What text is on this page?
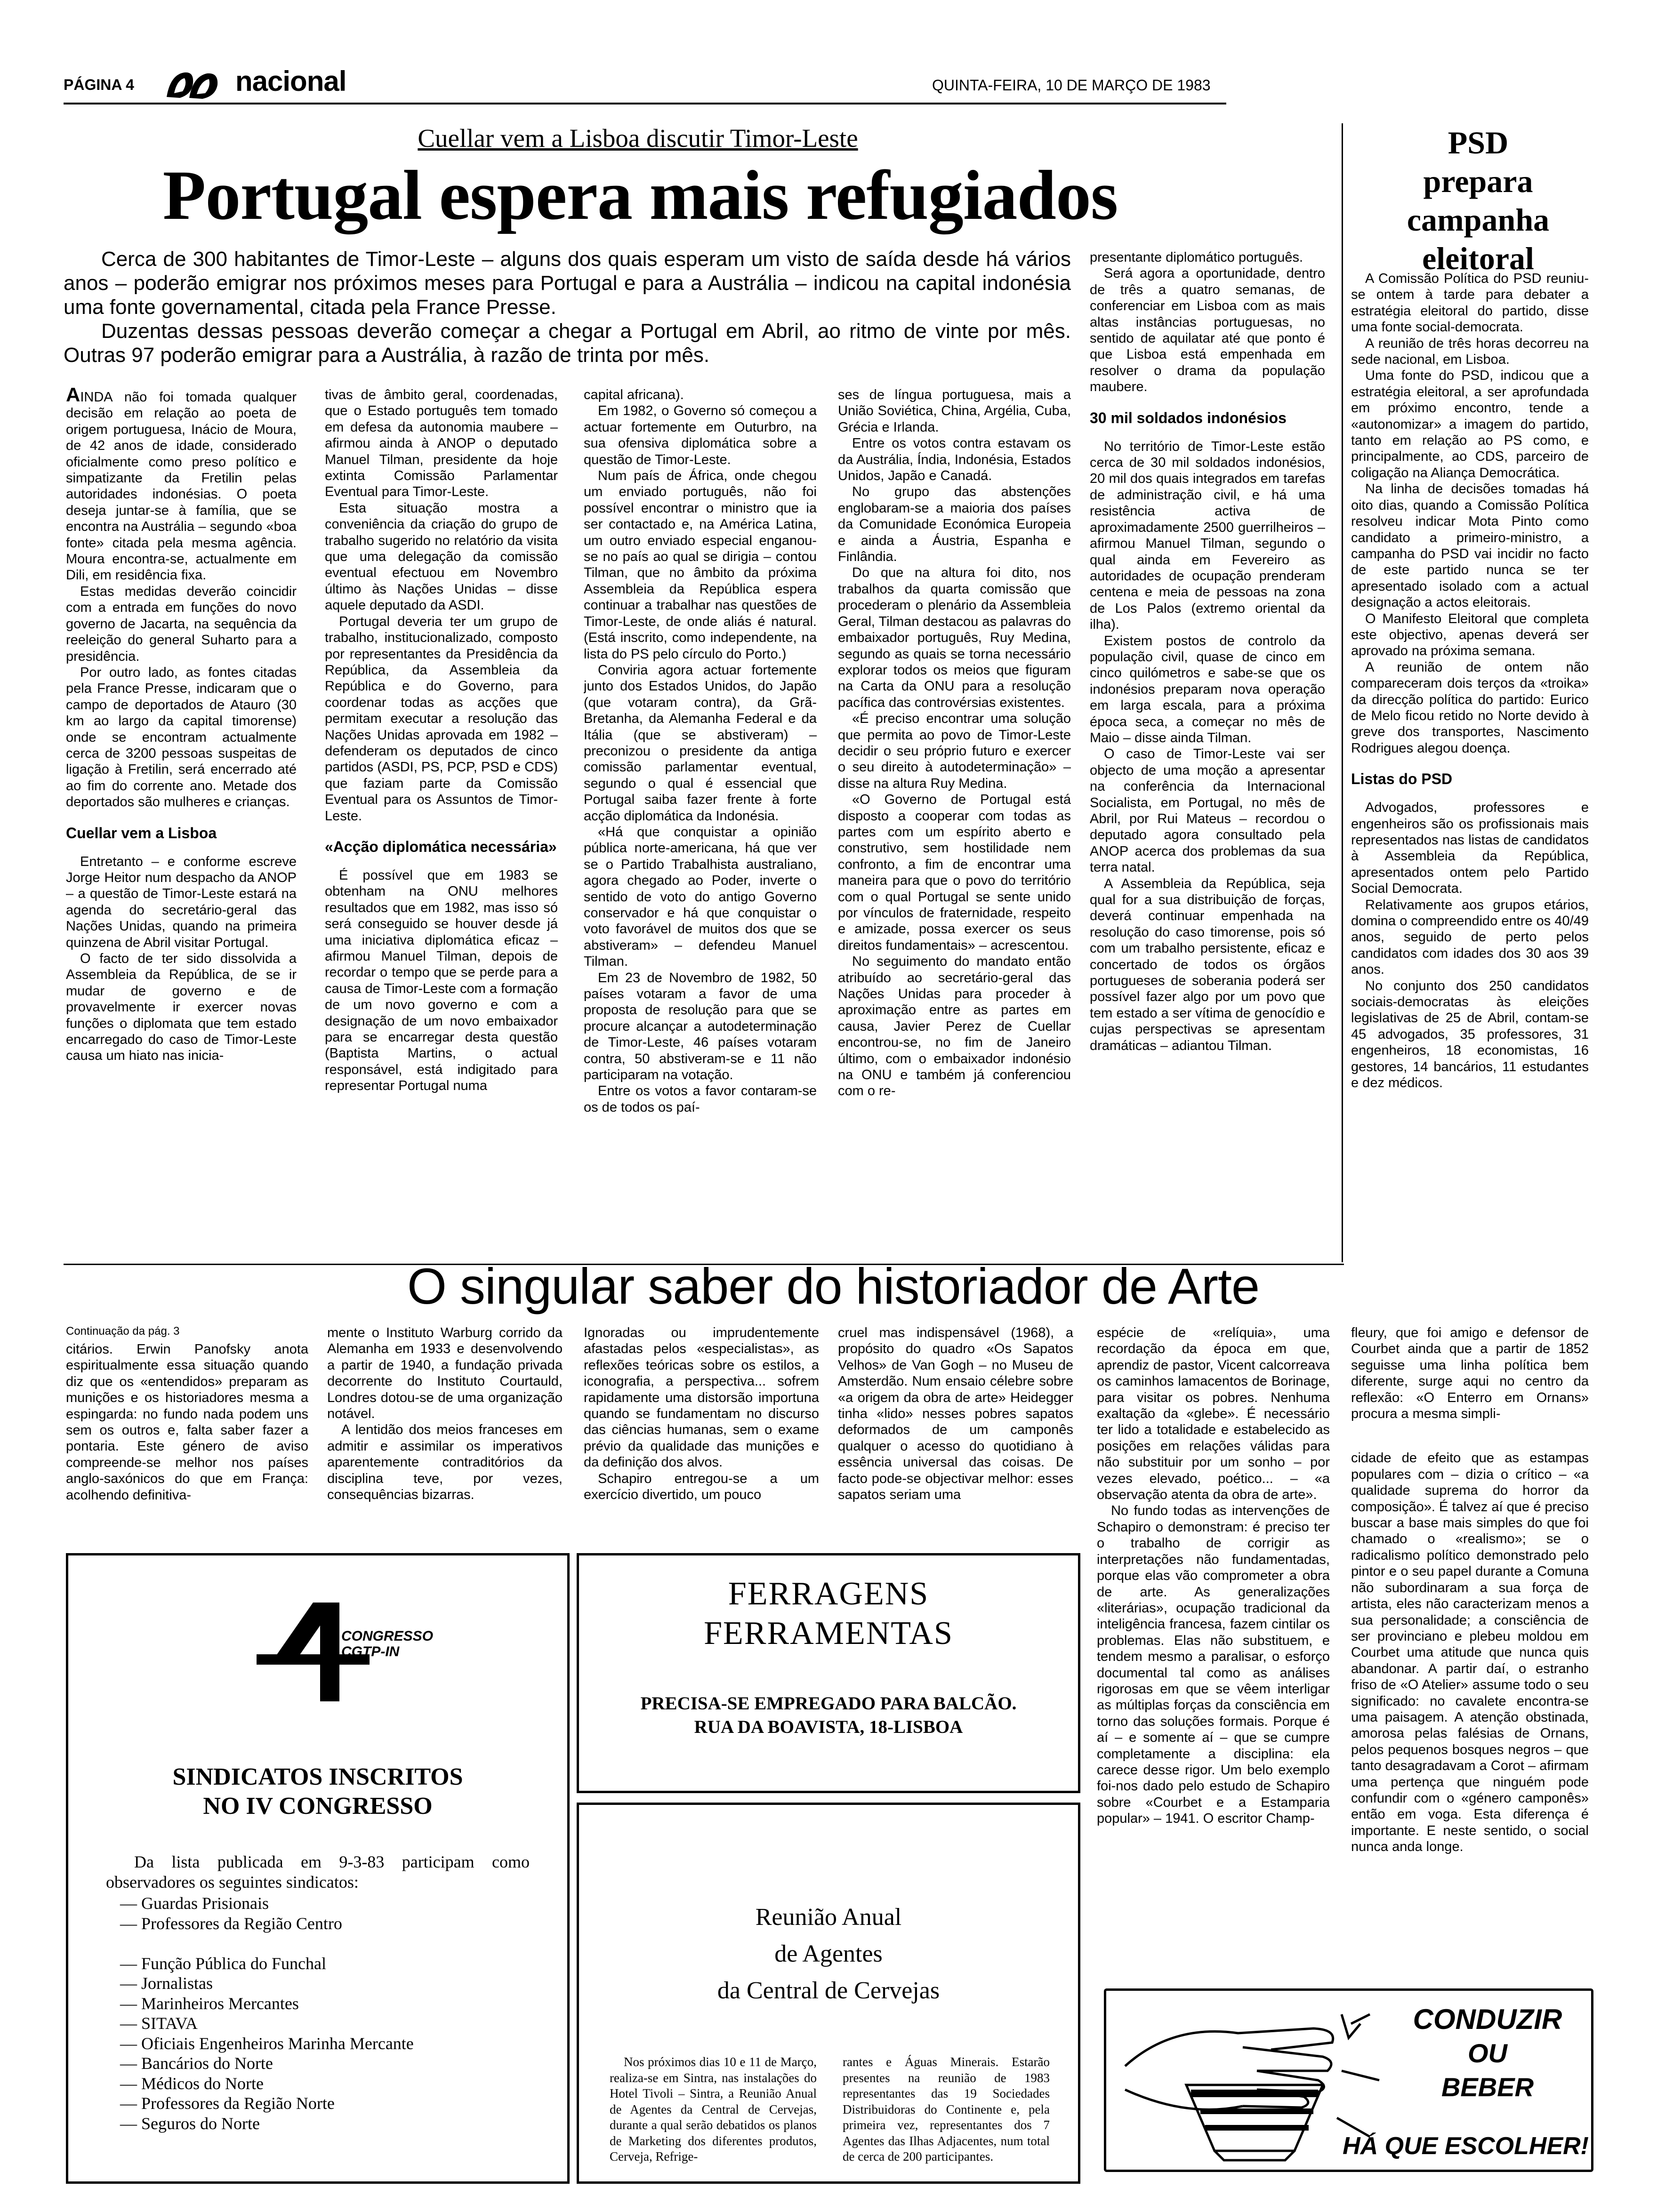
PÁGINA 4	nacional	QUINTA-FEIRA, 10 DE MARÇO DE 1983
Cuellar vem a Lisboa discutir Timor-Leste
Portugal espera mais refugiados

Cerca de 300 habitantes de Timor-Leste – alguns dos quais esperam um visto de saída desde há vários anos – poderão emigrar nos próximos meses para Portugal e para a Austrália – indicou na capital indonésia uma fonte governamental, citada pela France Presse.

Duzentas dessas pessoas deverão começar a chegar a Portugal em Abril, ao ritmo de vinte por mês. Outras 97 poderão emigrar para a Austrália, à razão de trinta por mês.

AINDA não foi tomada qualquer decisão em relação ao poeta de origem portuguesa, Inácio de Moura, de 42 anos de idade, considerado oficialmente como preso político e simpatizante da Fretilin pelas autoridades indonésias. O poeta deseja juntar-se à família, que se encontra na Austrália – segundo «boa fonte» citada pela mesma agência. Moura encontra-se, actualmente em Dili, em residência fixa.

Estas medidas deverão coincidir com a entrada em funções do novo governo de Jacarta, na sequência da reeleição do general Suharto para a presidência.

Por outro lado, as fontes citadas pela France Presse, indicaram que o campo de deportados de Atauro (30 km ao largo da capital timorense) onde se encontram actualmente cerca de 3200 pessoas suspeitas de ligação à Fretilin, será encerrado até ao fim do corrente ano. Metade dos deportados são mulheres e crianças.

Cuellar vem a Lisboa

Entretanto – e conforme escreve Jorge Heitor num despacho da ANOP – a questão de Timor-Leste estará na agenda do secretário-geral das Nações Unidas, quando na primeira quinzena de Abril visitar Portugal.

O facto de ter sido dissolvida a Assembleia da República, de se ir mudar de governo e de provavelmente ir exercer novas funções o diplomata que tem estado encarregado do caso de Timor-Leste causa um hiato nas inicia-

tivas de âmbito geral, coordenadas, que o Estado português tem tomado em defesa da autonomia maubere – afirmou ainda à ANOP o deputado Manuel Tilman, presidente da hoje extinta Comissão Parlamentar Eventual para Timor-Leste.

Esta situação mostra a conveniência da criação do grupo de trabalho sugerido no relatório da visita que uma delegação da comissão eventual efectuou em Novembro último às Nações Unidas – disse aquele deputado da ASDI.

Portugal deveria ter um grupo de trabalho, institucionalizado, composto por representantes da Presidência da República, da Assembleia da República e do Governo, para coordenar todas as acções que permitam executar a resolução das Nações Unidas aprovada em 1982 – defenderam os deputados de cinco partidos (ASDI, PS, PCP, PSD e CDS) que faziam parte da Comissão Eventual para os Assuntos de Timor-Leste.

«Acção diplomática necessária»

É possível que em 1983 se obtenham na ONU melhores resultados que em 1982, mas isso só será conseguido se houver desde já uma iniciativa diplomática eficaz – afirmou Manuel Tilman, depois de recordar o tempo que se perde para a causa de Timor-Leste com a formação de um novo governo e com a designação de um novo embaixador para se encarregar desta questão (Baptista Martins, o actual responsável, está indigitado para representar Portugal numa

capital africana).

Em 1982, o Governo só começou a actuar fortemente em Outurbro, na sua ofensiva diplomática sobre a questão de Timor-Leste.

Num país de África, onde chegou um enviado português, não foi possível encontrar o ministro que ia ser contactado e, na América Latina, um outro enviado especial enganou-se no país ao qual se dirigia – contou Tilman, que no âmbito da próxima Assembleia da República espera continuar a trabalhar nas questões de Timor-Leste, de onde aliás é natural. (Está inscrito, como independente, na lista do PS pelo círculo do Porto.)

Conviria agora actuar fortemente junto dos Estados Unidos, do Japão (que votaram contra), da Grã-Bretanha, da Alemanha Federal e da Itália (que se abstiveram) – preconizou o presidente da antiga comissão parlamentar eventual, segundo o qual é essencial que Portugal saiba fazer frente à forte acção diplomática da Indonésia.

«Há que conquistar a opinião pública norte-americana, há que ver se o Partido Trabalhista australiano, agora chegado ao Poder, inverte o sentido de voto do antigo Governo conservador e há que conquistar o voto favorável de muitos dos que se abstiveram» – defendeu Manuel Tilman.

Em 23 de Novembro de 1982, 50 países votaram a favor de uma proposta de resolução para que se procure alcançar a autodeterminação de Timor-Leste, 46 países votaram contra, 50 abstiveram-se e 11 não participaram na votação.

Entre os votos a favor contaram-se os de todos os paí-

ses de língua portuguesa, mais a União Soviética, China, Argélia, Cuba, Grécia e Irlanda.

Entre os votos contra estavam os da Austrália, Índia, Indonésia, Estados Unidos, Japão e Canadá.

No grupo das abstenções englobaram-se a maioria dos países da Comunidade Económica Europeia e ainda a Áustria, Espanha e Finlândia.

Do que na altura foi dito, nos trabalhos da quarta comissão que procederam o plenário da Assembleia Geral, Tilman destacou as palavras do embaixador português, Ruy Medina, segundo as quais se torna necessário explorar todos os meios que figuram na Carta da ONU para a resolução pacífica das controvérsias existentes.

«É preciso encontrar uma solução que permita ao povo de Timor-Leste decidir o seu próprio futuro e exercer o seu direito à autodeterminação» – disse na altura Ruy Medina.

«O Governo de Portugal está disposto a cooperar com todas as partes com um espírito aberto e construtivo, sem hostilidade nem confronto, a fim de encontrar uma maneira para que o povo do território com o qual Portugal se sente unido por vínculos de fraternidade, respeito e amizade, possa exercer os seus direitos fundamentais» – acrescentou.

No seguimento do mandato então atribuído ao secretário-geral das Nações Unidas para proceder à aproximação entre as partes em causa, Javier Perez de Cuellar encontrou-se, no fim de Janeiro último, com o embaixador indonésio na ONU e também já conferenciou com o re-

presentante diplomático português.

Será agora a oportunidade, dentro de três a quatro semanas, de conferenciar em Lisboa com as mais altas instâncias portuguesas, no sentido de aquilatar até que ponto é que Lisboa está empenhada em resolver o drama da população maubere.

30 mil soldados indonésios

No território de Timor-Leste estão cerca de 30 mil soldados indonésios, 20 mil dos quais integrados em tarefas de administração civil, e há uma resistência activa de aproximadamente 2500 guerrilheiros – afirmou Manuel Tilman, segundo o qual ainda em Fevereiro as autoridades de ocupação prenderam centena e meia de pessoas na zona de Los Palos (extremo oriental da ilha).

Existem postos de controlo da população civil, quase de cinco em cinco quilómetros e sabe-se que os indonésios preparam nova operação em larga escala, para a próxima época seca, a começar no mês de Maio – disse ainda Tilman.

O caso de Timor-Leste vai ser objecto de uma moção a apresentar na conferência da Internacional Socialista, em Portugal, no mês de Abril, por Rui Mateus – recordou o deputado agora consultado pela ANOP acerca dos problemas da sua terra natal.

A Assembleia da República, seja qual for a sua distribuição de forças, deverá continuar empenhada na resolução do caso timorense, pois só com um trabalho persistente, eficaz e concertado de todos os órgãos portugueses de soberania poderá ser possível fazer algo por um povo que tem estado a ser vítima de genocídio e cujas perspectivas se apresentam dramáticas – adiantou Tilman.

PSD
prepara
campanha
eleitoral

A Comissão Política do PSD reuniu-se ontem à tarde para debater a estratégia eleitoral do partido, disse uma fonte social-democrata.

A reunião de três horas decorreu na sede nacional, em Lisboa.

Uma fonte do PSD, indicou que a estratégia eleitoral, a ser aprofundada em próximo encontro, tende a «autonomizar» a imagem do partido, tanto em relação ao PS como, e principalmente, ao CDS, parceiro de coligação na Aliança Democrática.

Na linha de decisões tomadas há oito dias, quando a Comissão Política resolveu indicar Mota Pinto como candidato a primeiro-ministro, a campanha do PSD vai incidir no facto de este partido nunca se ter apresentado isolado com a actual designação a actos eleitorais.

O Manifesto Eleitoral que completa este objectivo, apenas deverá ser aprovado na próxima semana.

A reunião de ontem não compareceram dois terços da «troika» da direcção política do partido: Eurico de Melo ficou retido no Norte devido à greve dos transportes, Nascimento Rodrigues alegou doença.

Listas do PSD

Advogados, professores e engenheiros são os profissionais mais representados nas listas de candidatos à Assembleia da República, apresentados ontem pelo Partido Social Democrata.

Relativamente aos grupos etários, domina o compreendido entre os 40/49 anos, seguido de perto pelos candidatos com idades dos 30 aos 39 anos.

No conjunto dos 250 candidatos sociais-democratas às eleições legislativas de 25 de Abril, contam-se 45 advogados, 35 professores, 31 engenheiros, 18 economistas, 16 gestores, 14 bancários, 11 estudantes e dez médicos.

O singular saber do historiador de Arte
Continuação da pág. 3

citários. Erwin Panofsky anota espiritualmente essa situação quando diz que os «entendidos» preparam as munições e os historiadores mesma a espingarda: no fundo nada podem uns sem os outros e, falta saber fazer a pontaria. Este género de aviso compreende-se melhor nos países anglo-saxónicos do que em França: acolhendo definitiva-

mente o Instituto Warburg corrido da Alemanha em 1933 e desenvolvendo a partir de 1940, a fundação privada decorrente do Instituto Courtauld, Londres dotou-se de uma organização notável.

A lentidão dos meios franceses em admitir e assimilar os imperativos aparentemente contraditórios da disciplina teve, por vezes, consequências bizarras.

Ignoradas ou imprudentemente afastadas pelos «especialistas», as reflexões teóricas sobre os estilos, a iconografia, a perspectiva... sofrem rapidamente uma distorsão importuna quando se fundamentam no discurso das ciências humanas, sem o exame prévio da qualidade das munições e da definição dos alvos.

Schapiro entregou-se a um exercício divertido, um pouco

cruel mas indispensável (1968), a propósito do quadro «Os Sapatos Velhos» de Van Gogh – no Museu de Amsterdão. Num ensaio célebre sobre «a origem da obra de arte» Heidegger tinha «lido» nesses pobres sapatos deformados de um camponês qualquer o acesso do quotidiano à essência universal das coisas. De facto pode-se objectivar melhor: esses sapatos seriam uma

espécie de «relíquia», uma recordação da época em que, aprendiz de pastor, Vicent calcorreava os caminhos lamacentos de Borinage, para visitar os pobres. Nenhuma exaltação da «glebe». É necessário ter lido a totalidade e estabelecido as posições em relações válidas para não substituir por um sonho – por vezes elevado, poético... – «a observação atenta da obra de arte».

No fundo todas as intervenções de Schapiro o demonstram: é preciso ter o trabalho de corrigir as interpretações não fundamentadas, porque elas vão comprometer a obra de arte. As generalizações «literárias», ocupação tradicional da inteligência francesa, fazem cintilar os problemas. Elas não substituem, e tendem mesmo a paralisar, o esforço documental tal como as análises rigorosas em que se vêem interligar as múltiplas forças da consciência em torno das soluções formais. Porque é aí – e somente aí – que se cumpre completamente a disciplina: ela carece desse rigor. Um belo exemplo foi-nos dado pelo estudo de Schapiro sobre «Courbet e a Estamparia popular» – 1941. O escritor Champ-

fleury, que foi amigo e defensor de Courbet ainda que a partir de 1852 seguisse uma linha política bem diferente, surge aqui no centro da reflexão: «O Enterro em Ornans» procura a mesma simpli-

cidade de efeito que as estampas populares com – dizia o crítico – «a qualidade suprema do horror da composição». É talvez aí que é preciso buscar a base mais simples do que foi chamado o «realismo»; se o radicalismo político demonstrado pelo pintor e o seu papel durante a Comuna não subordinaram a sua força de artista, eles não caracterizam menos a sua personalidade; a consciência de ser provinciano e plebeu moldou em Courbet uma atitude que nunca quis abandonar. A partir daí, o estranho friso de «O Atelier» assume todo o seu significado: no cavalete encontra-se uma paisagem. A atenção obstinada, amorosa pelas falésias de Ornans, pelos pequenos bosques negros – que tanto desagradavam a Corot – afirmam uma pertença que ninguém pode confundir com o «género camponês» então em voga. Esta diferença é importante. E neste sentido, o social nunca anda longe.

CONGRESSO
CGTP-IN
SINDICATOS INSCRITOS
NO IV CONGRESSO
Da lista publicada em 9-3-83 participam como observadores os seguintes sindicatos:
— Guardas Prisionais
— Professores da Região Centro
— Função Pública do Funchal
— Jornalistas
— Marinheiros Mercantes
— SITAVA
— Oficiais Engenheiros Marinha Mercante
— Bancários do Norte
— Médicos do Norte
— Professores da Região Norte
— Seguros do Norte
FERRAGENS
FERRAMENTAS
PRECISA-SE EMPREGADO PARA BALCÃO.
RUA DA BOAVISTA, 18-LISBOA
Reunião Anual
de Agentes
da Central de Cervejas
Nos próximos dias 10 e 11 de Março, realiza-se em Sintra, nas instalações do Hotel Tivoli – Sintra, a Reunião Anual de Agentes da Central de Cervejas, durante a qual serão debatidos os planos de Marketing dos diferentes produtos, Cerveja, Refrige-
rantes e Águas Minerais. Estarão presentes na reunião de 1983 representantes das 19 Sociedades Distribuidoras do Continente e, pela primeira vez, representantes dos 7 Agentes das Ilhas Adjacentes, num total de cerca de 200 participantes.
CONDUZIR
OU
BEBER
HÁ QUE ESCOLHER!
